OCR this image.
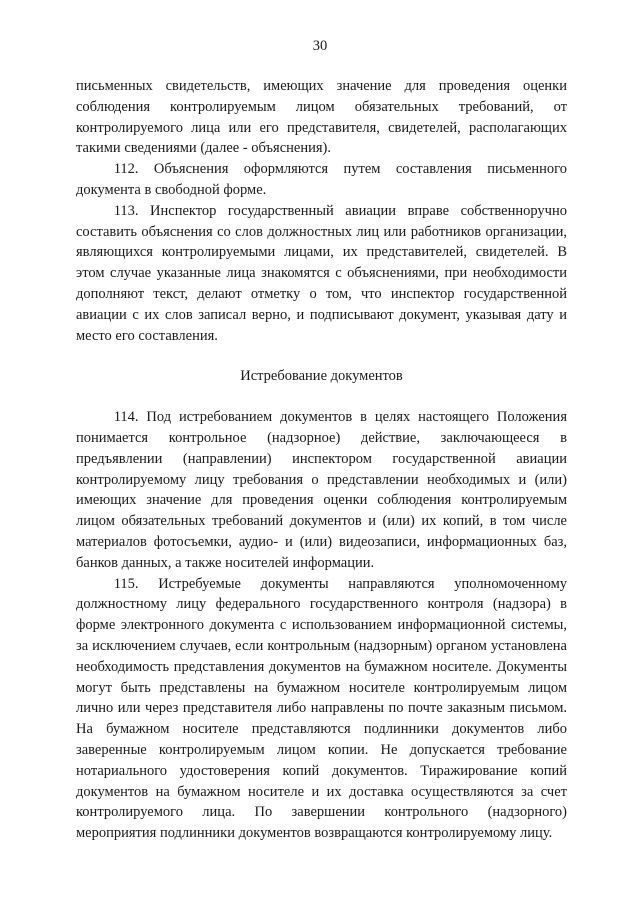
30

письменных свидетельств, имеющих значение для проведения оценки соблюдения контролируемым лицом обязательных требований, от контролируемого лица или его представителя, свидетелей, располагающих такими сведениями (далее - объяснения).

112. Объяснения оформляются путем составления письменного документа в свободной форме.

113. Инспектор государственный авиации вправе собственноручно составить объяснения со слов должностных лиц или работников организации, являющихся контролируемыми лицами, их представителей, свидетелей. В этом случае указанные лица знакомятся с объяснениями, при необходимости дополняют текст, делают отметку о том, что инспектор государственной авиации с их слов записал верно, и подписывают документ, указывая дату и место его составления.

Истребование документов

114. Под истребованием документов в целях настоящего Положения понимается контрольное (надзорное) действие, заключающееся в предъявлении (направлении) инспектором государственной авиации контролируемому лицу требования о представлении необходимых и (или) имеющих значение для проведения оценки соблюдения контролируемым лицом обязательных требований документов и (или) их копий, в том числе материалов фотосъемки, аудио- и (или) видеозаписи, информационных баз, банков данных, а также носителей информации.

115. Истребуемые документы направляются уполномоченному должностному лицу федерального государственного контроля (надзора) в форме электронного документа с использованием информационной системы, за исключением случаев, если контрольным (надзорным) органом установлена необходимость представления документов на бумажном носителе. Документы могут быть представлены на бумажном носителе контролируемым лицом лично или через представителя либо направлены по почте заказным письмом. На бумажном носителе представляются подлинники документов либо заверенные контролируемым лицом копии. Не допускается требование нотариального удостоверения копий документов. Тиражирование копий документов на бумажном носителе и их доставка осуществляются за счет контролируемого лица. По завершении контрольного (надзорного) мероприятия подлинники документов возвращаются контролируемому лицу.
